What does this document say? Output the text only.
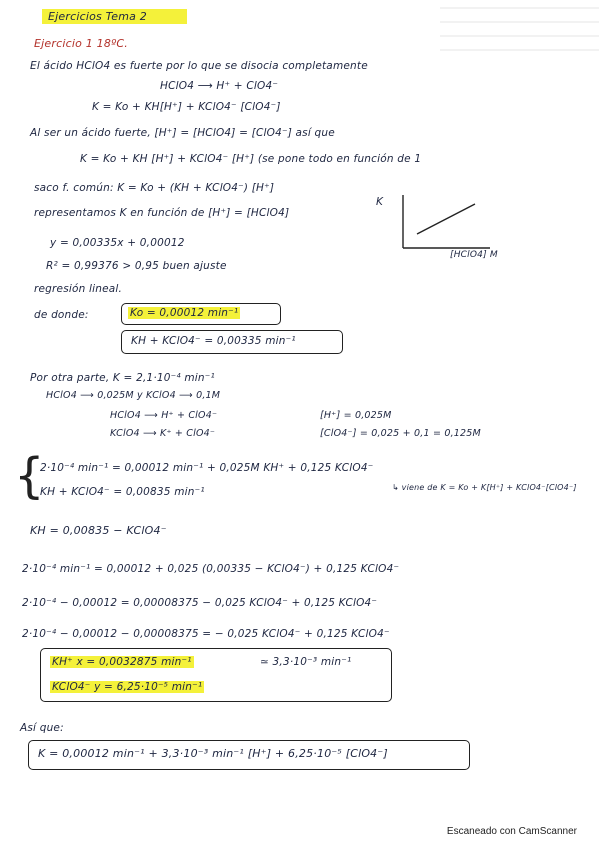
Ejercicios Tema 2
Ejercicio 1 18ºC.
El ácido HClO4 es fuerte por lo que se disocia completamente
HClO4 ⟶ H⁺ + ClO4⁻
K = Ko + KH[H⁺] + KClO4⁻ [ClO4⁻]
Al ser un ácido fuerte, [H⁺] = [HClO4] = [ClO4⁻] así que
K = Ko + KH [H⁺] + KClO4⁻ [H⁺] (se pone todo en función de 1
saco f. común: K = Ko + (KH + KClO4⁻) [H⁺]
representamos K en función de [H⁺] = [HClO4]
K
[HClO4] M
y = 0,00335x + 0,00012
R² = 0,99376 > 0,95 buen ajuste
regresión lineal.
de donde:	Ko = 0,00012 min⁻¹
KH + KClO4⁻ = 0,00335 min⁻¹
Por otra parte, K = 2,1·10⁻⁴ min⁻¹
HClO4 ⟶ 0,025M y KClO4 ⟶ 0,1M
HClO4 ⟶ H⁺ + ClO4⁻	[H⁺] = 0,025M
KClO4 ⟶ K⁺ + ClO4⁻	[ClO4⁻] = 0,025 + 0,1 = 0,125M
{
2·10⁻⁴ min⁻¹ = 0,00012 min⁻¹ + 0,025M KH⁺ + 0,125 KClO4⁻
KH + KClO4⁻ = 0,00835 min⁻¹	↳ viene de K = Ko + K[H⁺] + KClO4⁻[ClO4⁻]
KH = 0,00835 − KClO4⁻
2·10⁻⁴ min⁻¹ = 0,00012 + 0,025 (0,00335 − KClO4⁻) + 0,125 KClO4⁻
2·10⁻⁴ − 0,00012 = 0,00008375 − 0,025 KClO4⁻ + 0,125 KClO4⁻
2·10⁻⁴ − 0,00012 − 0,00008375 = − 0,025 KClO4⁻ + 0,125 KClO4⁻
KH⁺ x = 0,0032875 min⁻¹	≃ 3,3·10⁻³ min⁻¹
KClO4⁻ y = 6,25·10⁻⁵ min⁻¹
Así que:
K = 0,00012 min⁻¹ + 3,3·10⁻³ min⁻¹ [H⁺] + 6,25·10⁻⁵ [ClO4⁻]
Escaneado con CamScanner
